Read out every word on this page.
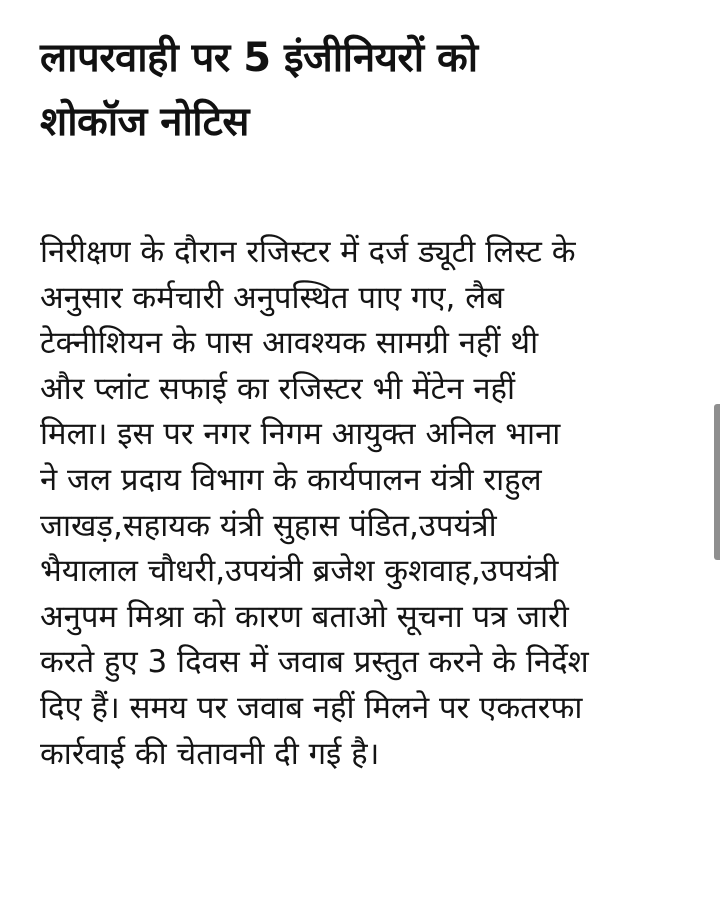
लापरवाही पर 5 इंजीनियरों को
शोकॉज नोटिस
निरीक्षण के दौरान रजिस्टर में दर्ज ड्यूटी लिस्ट के
अनुसार कर्मचारी अनुपस्थित पाए गए, लैब
टेक्नीशियन के पास आवश्यक सामग्री नहीं थी
और प्लांट सफाई का रजिस्टर भी मेंटेन नहीं
मिला। इस पर नगर निगम आयुक्त अनिल भाना
ने जल प्रदाय विभाग के कार्यपालन यंत्री राहुल
जाखड़,सहायक यंत्री सुहास पंडित,उपयंत्री
भैयालाल चौधरी,उपयंत्री ब्रजेश कुशवाह,उपयंत्री
अनुपम मिश्रा को कारण बताओ सूचना पत्र जारी
करते हुए 3 दिवस में जवाब प्रस्तुत करने के निर्देश
दिए हैं। समय पर जवाब नहीं मिलने पर एकतरफा
कार्रवाई की चेतावनी दी गई है।
